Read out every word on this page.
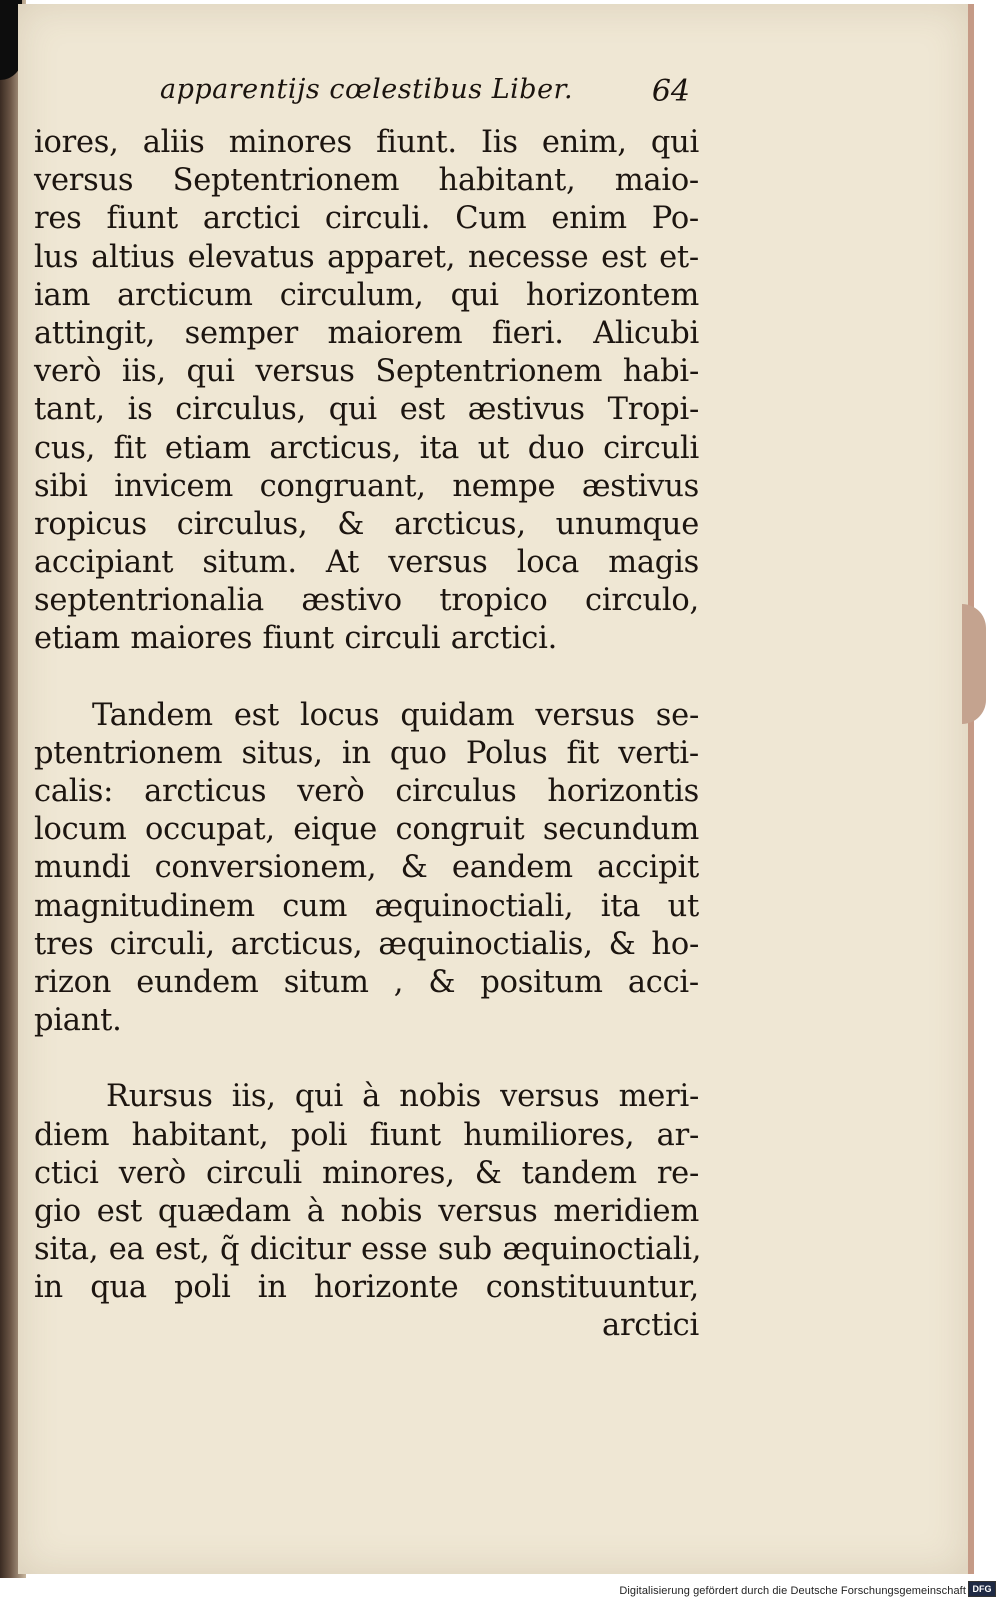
apparentijs cœlestibus Liber.	64
iores, aliis minores fiunt. Iis enim, qui
versus Septentrionem habitant, maio-
res fiunt arctici circuli. Cum enim Po-
lus altius elevatus apparet, necesse est et-
iam arcticum circulum, qui horizontem
attingit, semper maiorem fieri. Alicubi
verò iis, qui versus Septentrionem habi-
tant, is circulus, qui est æstivus Tropi-
cus, fit etiam arcticus, ita ut duo circuli
sibi invicem congruant, nempe æstivus
ropicus circulus, & arcticus, unumque
accipiant situm. At versus loca magis
septentrionalia æstivo tropico circulo,
etiam maiores fiunt circuli arctici.
Tandem est locus quidam versus se-
ptentrionem situs, in quo Polus fit verti-
calis: arcticus verò circulus horizontis
locum occupat, eique congruit secundum
mundi conversionem, & eandem accipit
magnitudinem cum æquinoctiali, ita ut
tres circuli, arcticus, æquinoctialis, & ho-
rizon eundem situm , & positum acci-
piant.
Rursus iis, qui à nobis versus meri-
diem habitant, poli fiunt humiliores, ar-
ctici verò circuli minores, & tandem re-
gio est quædam à nobis versus meridiem
sita, ea est, q̃ dicitur esse sub æquinoctiali,
in qua poli in horizonte constituuntur,
arctici
Digitalisierung gefördert durch die Deutsche Forschungsgemeinschaft DFG
